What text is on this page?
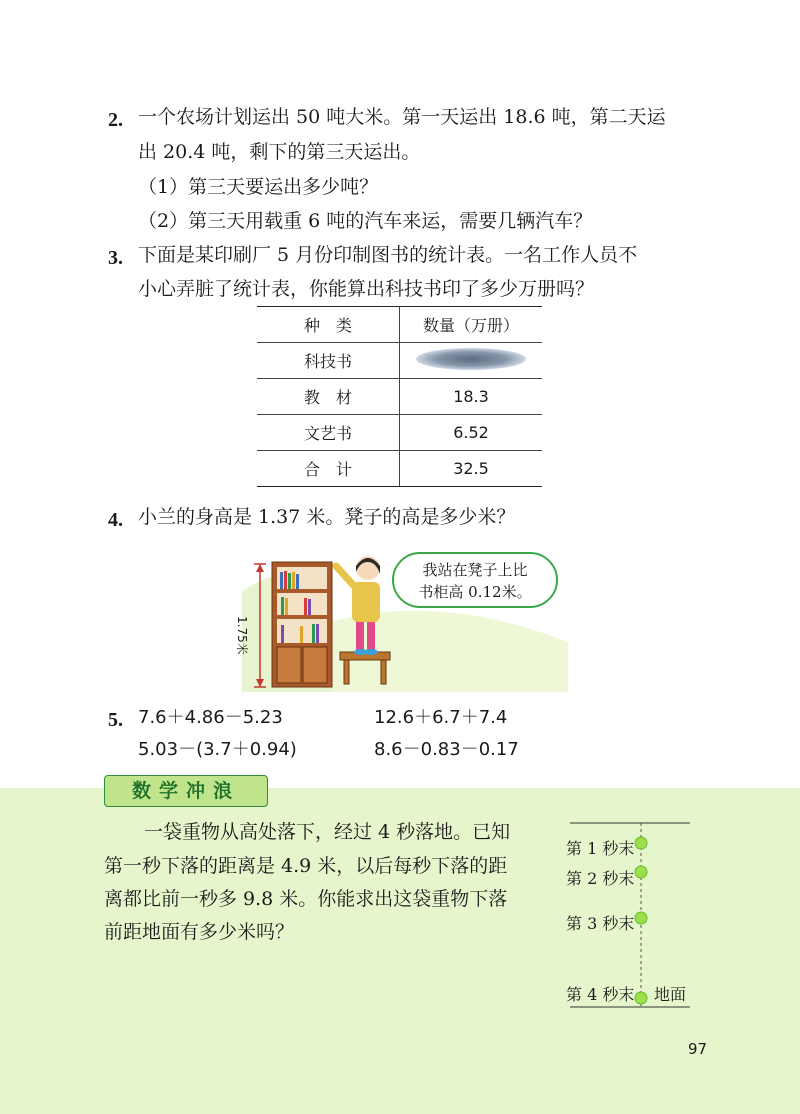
2. 一个农场计划运出 50 吨大米。第一天运出 18.6 吨，第二天运
出 20.4 吨，剩下的第三天运出。
（1）第三天要运出多少吨？
（2）第三天用载重 6 吨的汽车来运，需要几辆汽车？
3. 下面是某印刷厂 5 月份印制图书的统计表。一名工作人员不
小心弄脏了统计表，你能算出科技书印了多少万册吗？
种　类	数量（万册）
科技书	
教　材	18.3
文艺书	6.52
合　计	32.5
4. 小兰的身高是 1.37 米。凳子的高是多少米？
1.75米
我站在凳子上比
书柜高 0.12米。
5. 7.6＋4.86－5.23	12.6＋6.7＋7.4
5.03－(3.7＋0.94)	8.6－0.83－0.17
数学冲浪
一袋重物从高处落下，经过 4 秒落地。已知
第一秒下落的距离是 4.9 米，以后每秒下落的距
离都比前一秒多 9.8 米。你能求出这袋重物下落
前距地面有多少米吗？
第 1 秒末
第 2 秒末
第 3 秒末
第 4 秒末 地面
97
